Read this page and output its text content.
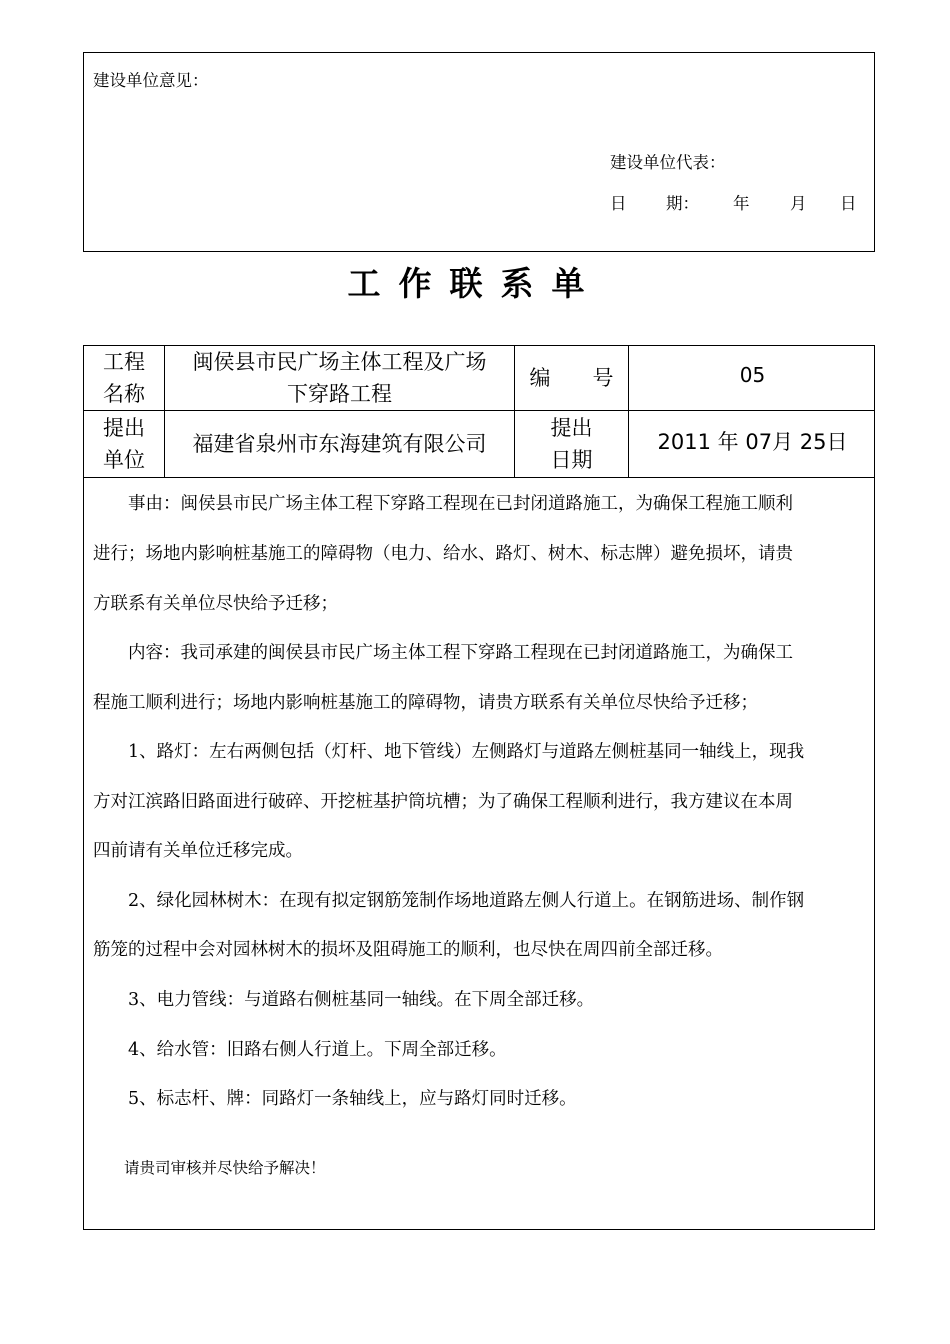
建设单位意见：
建设单位代表：
日 期： 年 月 日
工作联系单
工程
名称
闽侯县市民广场主体工程及广场
下穿路工程
编　　号	05
提出
单位
福建省泉州市东海建筑有限公司
提出
日期
2011
年
07 月
25 日
　　事由：闽侯县市民广场主体工程下穿路工程现在已封闭道路施工，为确保工程施工顺利
进行；场地内影响桩基施工的障碍物（电力、给水、路灯、树木、标志牌）避免损坏，请贵
方联系有关单位尽快给予迁移；
　　内容：我司承建的闽侯县市民广场主体工程下穿路工程现在已封闭道路施工，为确保工
程施工顺利进行；场地内影响桩基施工的障碍物，请贵方联系有关单位尽快给予迁移；
　　1、路灯：左右两侧包括（灯杆、地下管线）左侧路灯与道路左侧桩基同一轴线上，现我
方对江滨路旧路面进行破碎、开挖桩基护筒坑槽；为了确保工程顺利进行，我方建议在本周
四前请有关单位迁移完成。
　　2、绿化园林树木：在现有拟定钢筋笼制作场地道路左侧人行道上。在钢筋进场、制作钢
筋笼的过程中会对园林树木的损坏及阻碍施工的顺利，也尽快在周四前全部迁移。
　　3、电力管线：与道路右侧桩基同一轴线。在下周全部迁移。
　　4、给水管：旧路右侧人行道上。下周全部迁移。
　　5、标志杆、牌：同路灯一条轴线上，应与路灯同时迁移。
请贵司审核并尽快给予解决！
